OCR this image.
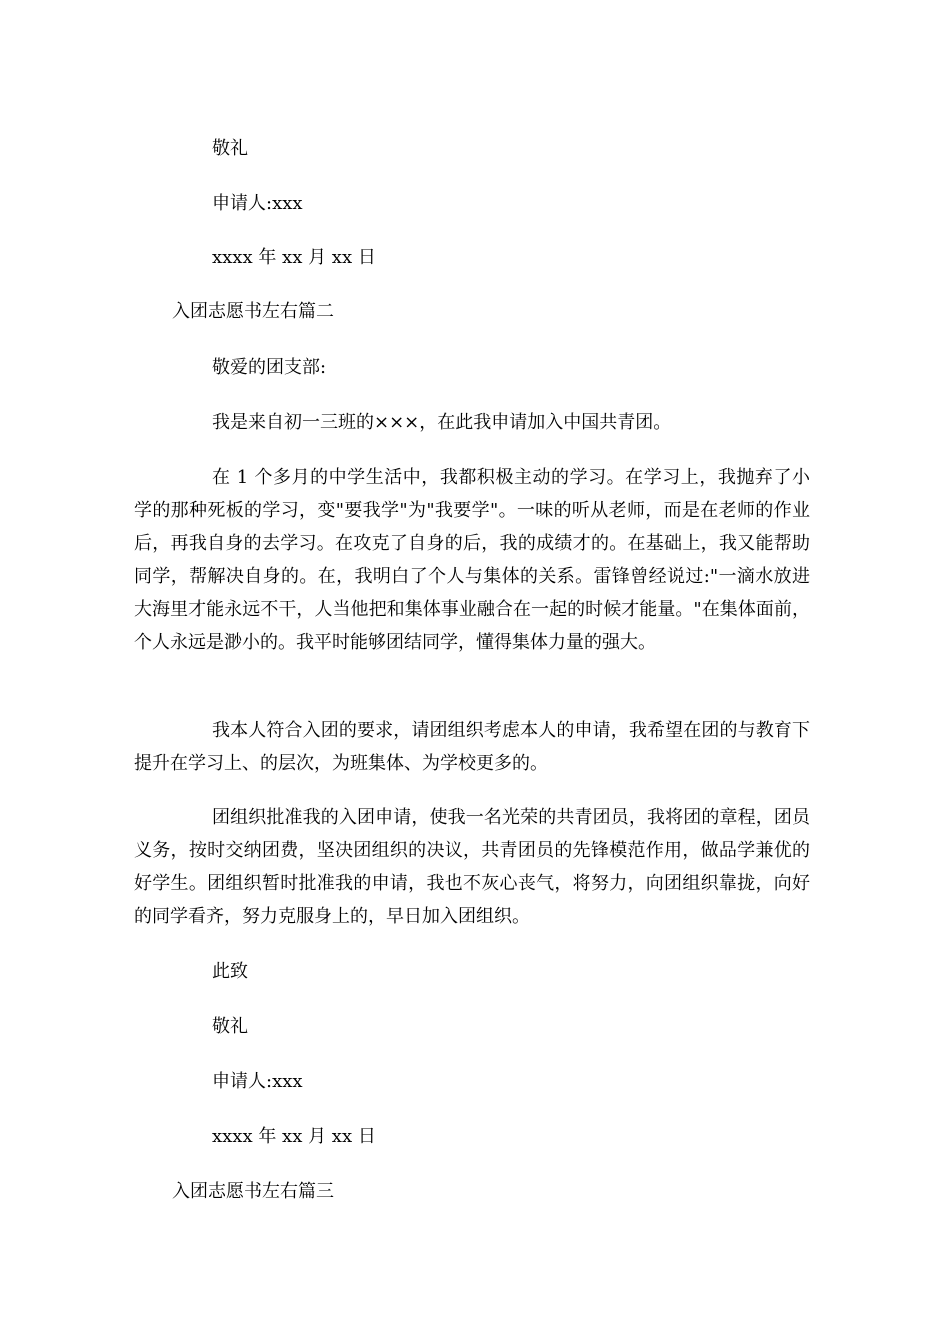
敬礼
申请人:xxx
xxxx 年 xx 月 xx 日
入团志愿书左右篇二
敬爱的团支部:
我是来自初一三班的×××，在此我申请加入中国共青团。
在 1 个多月的中学生活中，我都积极主动的学习。在学习上，我抛弃了小学的那种死板的学习，变"要我学"为"我要学"。一味的听从老师，而是在老师的作业后，再我自身的去学习。在攻克了自身的后，我的成绩才的。在基础上，我又能帮助同学，帮解决自身的。在，我明白了个人与集体的关系。雷锋曾经说过:"一滴水放进大海里才能永远不干，人当他把和集体事业融合在一起的时候才能量。"在集体面前，个人永远是渺小的。我平时能够团结同学，懂得集体力量的强大。
我本人符合入团的要求，请团组织考虑本人的申请，我希望在团的与教育下提升在学习上、的层次，为班集体、为学校更多的。
团组织批准我的入团申请，使我一名光荣的共青团员，我将团的章程，团员义务，按时交纳团费，坚决团组织的决议，共青团员的先锋模范作用，做品学兼优的好学生。团组织暂时批准我的申请，我也不灰心丧气，将努力，向团组织靠拢，向好的同学看齐，努力克服身上的，早日加入团组织。
此致
敬礼
申请人:xxx
xxxx 年 xx 月 xx 日
入团志愿书左右篇三
